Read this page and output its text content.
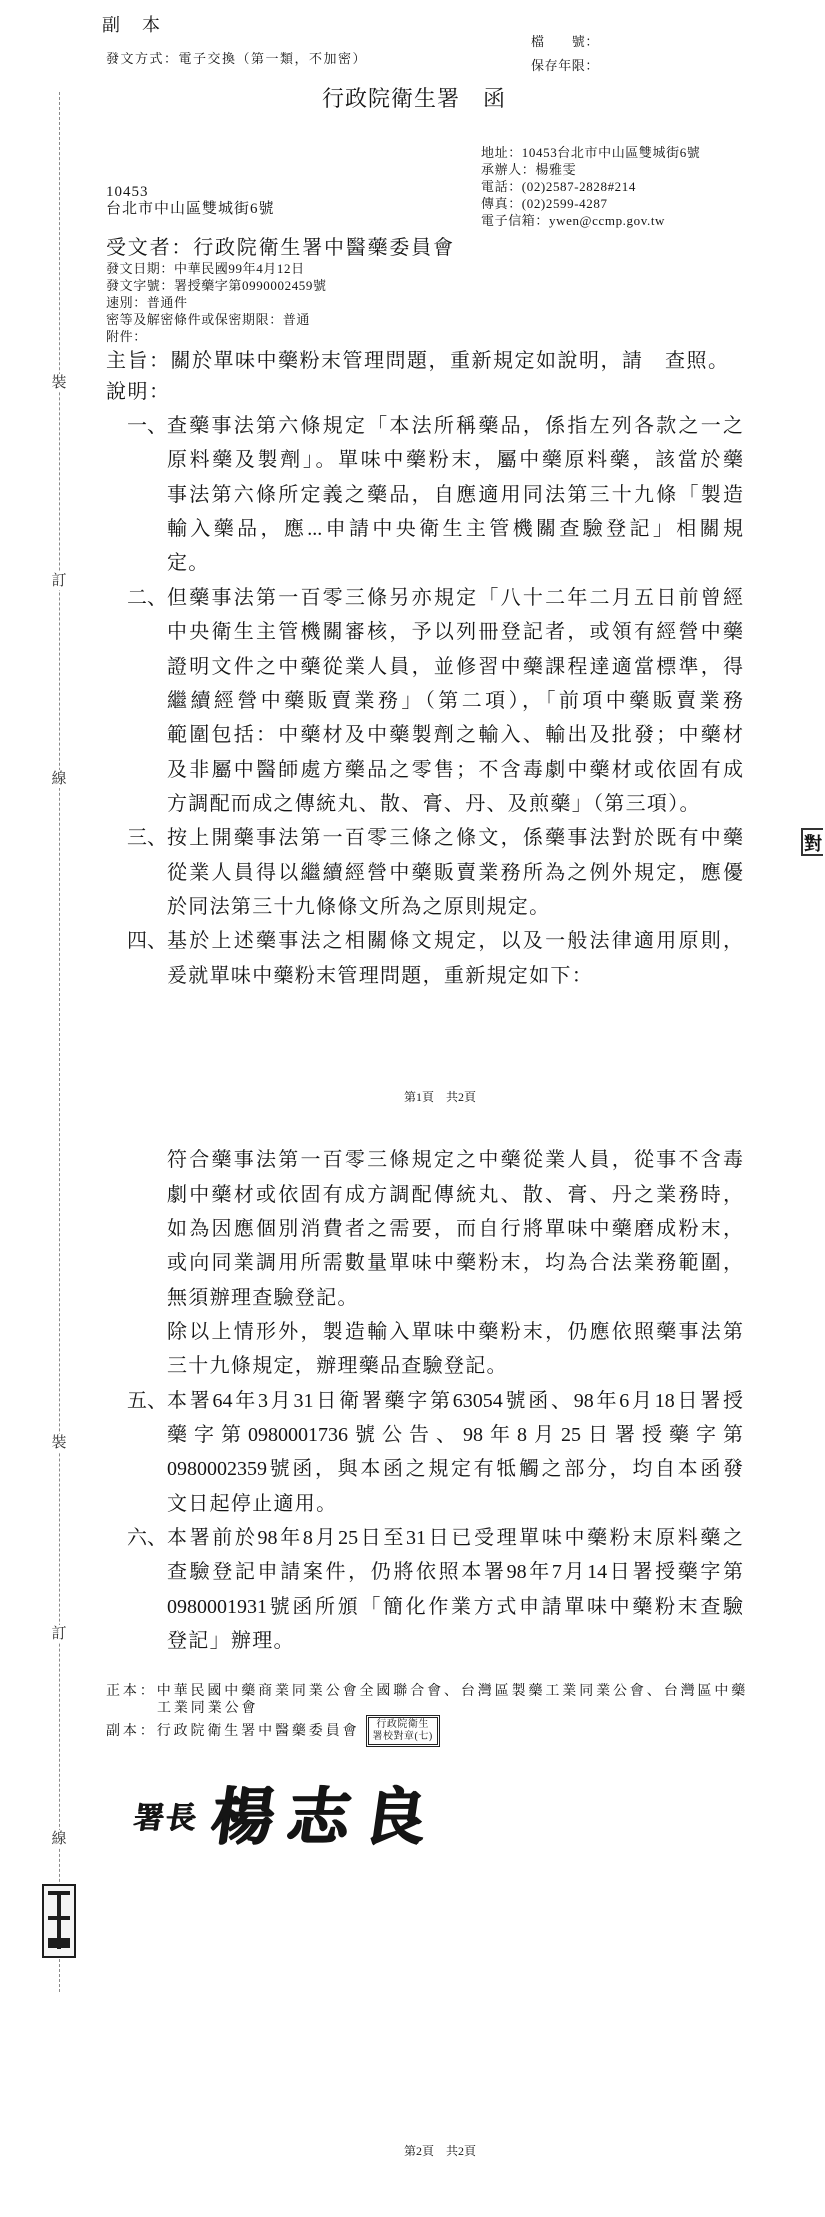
裝
訂
線
裝
訂
線
副　本
發文方式：電子交換（第一類，不加密）
檔　　號：
保存年限：
行政院衛生署　函
地址：10453台北市中山區雙城街6號
承辦人：楊雅雯
電話：(02)2587-2828#214
傳真：(02)2599-4287
電子信箱：ywen@ccmp.gov.tw
10453
台北市中山區雙城街6號
受文者：行政院衛生署中醫藥委員會
發文日期：中華民國99年4月12日
發文字號：署授藥字第0990002459號
速別：普通件
密等及解密條件或保密期限：普通
附件：
主旨：關於單味中藥粉末管理問題，重新規定如說明，請　查照。
說明：
一、 查藥事法第六條規定「本法所稱藥品，係指左列各款之一之
原料藥及製劑」。單味中藥粉末，屬中藥原料藥，該當於藥
事法第六條所定義之藥品，自應適用同法第三十九條「製造
輸入藥品，應...申請中央衛生主管機關查驗登記」相關規
定。
二、 但藥事法第一百零三條另亦規定「八十二年二月五日前曾經
中央衛生主管機關審核，予以列冊登記者，或領有經營中藥
證明文件之中藥從業人員，並修習中藥課程達適當標準，得
繼續經營中藥販賣業務」（第二項），「前項中藥販賣業務
範圍包括：中藥材及中藥製劑之輸入、輸出及批發；中藥材
及非屬中醫師處方藥品之零售；不含毒劇中藥材或依固有成
方調配而成之傳統丸、散、膏、丹、及煎藥」（第三項）。
三、 按上開藥事法第一百零三條之條文，係藥事法對於既有中藥
從業人員得以繼續經營中藥販賣業務所為之例外規定，應優
於同法第三十九條條文所為之原則規定。
對
四、 基於上述藥事法之相關條文規定，以及一般法律適用原則，
爰就單味中藥粉末管理問題，重新規定如下：
第1頁　共2頁
符合藥事法第一百零三條規定之中藥從業人員，從事不含毒
劇中藥材或依固有成方調配傳統丸、散、膏、丹之業務時，
如為因應個別消費者之需要，而自行將單味中藥磨成粉末，
或向同業調用所需數量單味中藥粉末，均為合法業務範圍，
無須辦理查驗登記。
除以上情形外，製造輸入單味中藥粉末，仍應依照藥事法第
三十九條規定，辦理藥品查驗登記。
五、 本署64年3月31日衛署藥字第63054號函、98年6月18日署授
藥字第0980001736號公告、98年8月25日署授藥字第
0980002359號函，與本函之規定有牴觸之部分，均自本函發
文日起停止適用。
六、 本署前於98年8月25日至31日已受理單味中藥粉末原料藥之
查驗登記申請案件，仍將依照本署98年7月14日署授藥字第
0980001931號函所頒「簡化作業方式申請單味中藥粉末查驗
登記」辦理。
正本：中華民國中藥商業同業公會全國聯合會、台灣區製藥工業同業公會、台灣區中藥
工業同業公會
副本：行政院衛生署中醫藥委員會 行政院衛生
署校對章(七)
署長 楊志良
第2頁　共2頁
